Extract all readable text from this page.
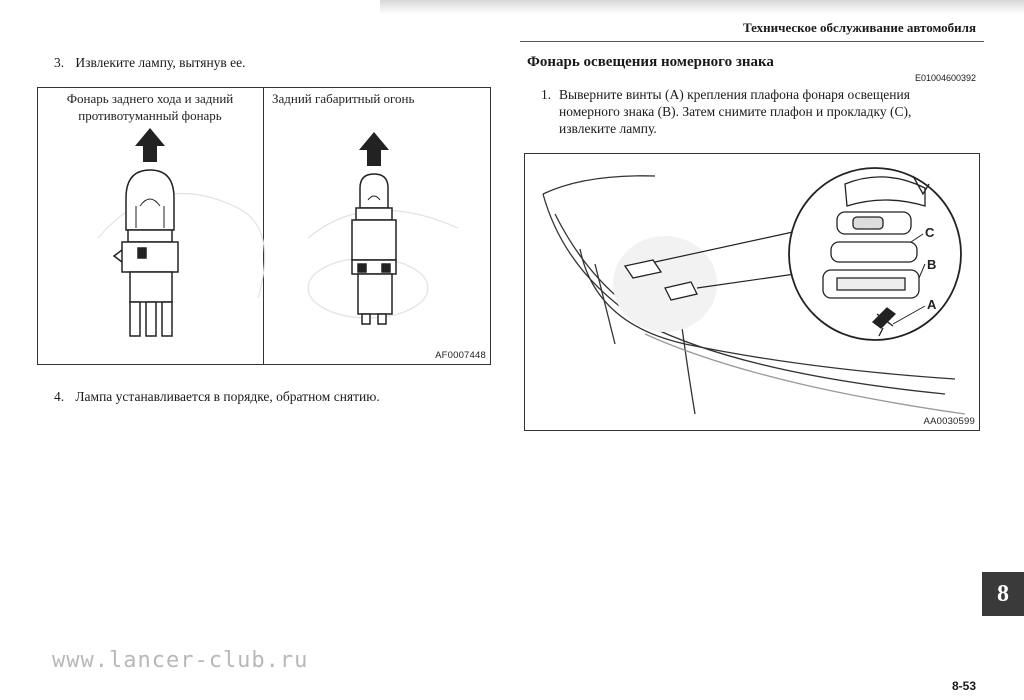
Техническое обслуживание автомобиля
3. Извлеките лампу, вытянув ее.
Фонарь заднего хода и задний
противотуманный фонарь
Задний габаритный огонь
AF0007448
4. Лампа устанавливается в порядке, обратном снятию.
Фонарь освещения номерного знака
E01004600392
1. Выверните винты (A) крепления плафона фонаря освещения
номерного знака (B). Затем снимите плафон и прокладку (C),
извлеките лампу.
C
B
A
AA0030599
8
www.lancer-club.ru
8-53
